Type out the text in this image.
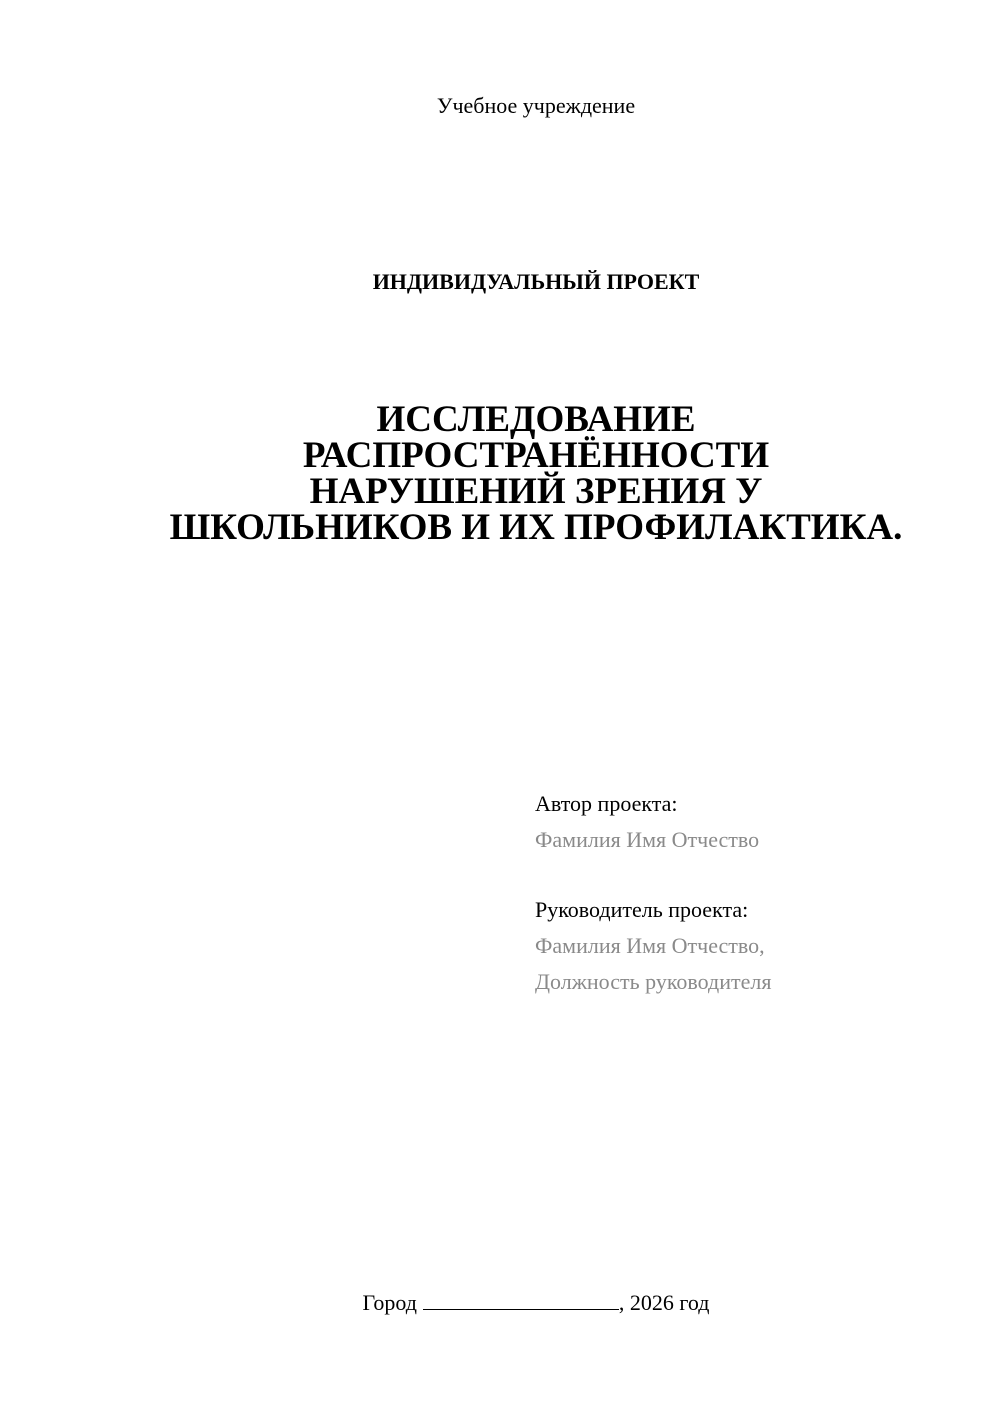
Учебное учреждение
ИНДИВИДУАЛЬНЫЙ ПРОЕКТ
ИССЛЕДОВАНИЕ
РАСПРОСТРАНЁННОСТИ
НАРУШЕНИЙ ЗРЕНИЯ У
ШКОЛЬНИКОВ И ИХ ПРОФИЛАКТИКА.
Автор проекта:
Фамилия Имя Отчество
Руководитель проекта:
Фамилия Имя Отчество,
Должность руководителя
Город	, 2026 год
